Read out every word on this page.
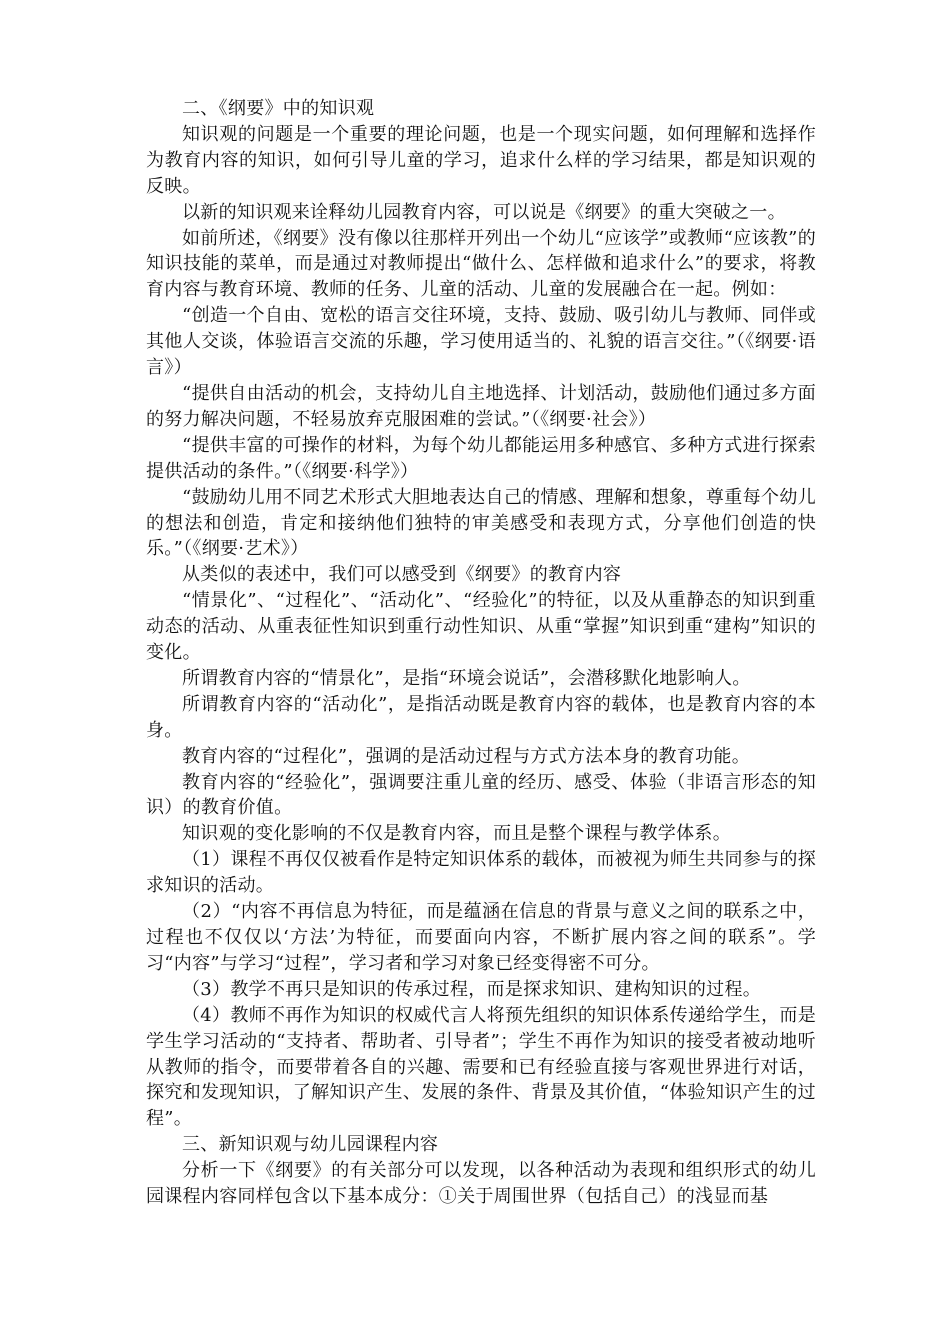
二、《纲要》中的知识观

知识观的问题是一个重要的理论问题，也是一个现实问题，如何理解和选择作为教育内容的知识，如何引导儿童的学习，追求什么样的学习结果，都是知识观的反映。

以新的知识观来诠释幼儿园教育内容，可以说是《纲要》的重大突破之一。

如前所述，《纲要》没有像以往那样开列出一个幼儿“应该学”或教师“应该教”的知识技能的菜单，而是通过对教师提出“做什么、怎样做和追求什么”的要求，将教育内容与教育环境、教师的任务、儿童的活动、儿童的发展融合在一起。例如：

“创造一个自由、宽松的语言交往环境，支持、鼓励、吸引幼儿与教师、同伴或其他人交谈，体验语言交流的乐趣，学习使用适当的、礼貌的语言交往。”（《纲要·语言》）

“提供自由活动的机会，支持幼儿自主地选择、计划活动，鼓励他们通过多方面的努力解决问题，不轻易放弃克服困难的尝试。”（《纲要·社会》）

“提供丰富的可操作的材料，为每个幼儿都能运用多种感官、多种方式进行探索提供活动的条件。”（《纲要·科学》）

“鼓励幼儿用不同艺术形式大胆地表达自己的情感、理解和想象，尊重每个幼儿的想法和创造，肯定和接纳他们独特的审美感受和表现方式，分享他们创造的快乐。”（《纲要·艺术》）

从类似的表述中，我们可以感受到《纲要》的教育内容

“情景化”、“过程化”、“活动化”、“经验化”的特征，以及从重静态的知识到重动态的活动、从重表征性知识到重行动性知识、从重“掌握”知识到重“建构”知识的变化。

所谓教育内容的“情景化”，是指“环境会说话”，会潜移默化地影响人。

所谓教育内容的“活动化”，是指活动既是教育内容的载体，也是教育内容的本身。

教育内容的“过程化”，强调的是活动过程与方式方法本身的教育功能。

教育内容的“经验化”，强调要注重儿童的经历、感受、体验（非语言形态的知识）的教育价值。

知识观的变化影响的不仅是教育内容，而且是整个课程与教学体系。

（1）课程不再仅仅被看作是特定知识体系的载体，而被视为师生共同参与的探求知识的活动。

（2）“内容不再信息为特征，而是蕴涵在信息的背景与意义之间的联系之中，过程也不仅仅以‘方法’为特征，而要面向内容，不断扩展内容之间的联系”。学习“内容”与学习“过程”，学习者和学习对象已经变得密不可分。

（3）教学不再只是知识的传承过程，而是探求知识、建构知识的过程。

（4）教师不再作为知识的权威代言人将预先组织的知识体系传递给学生，而是学生学习活动的“支持者、帮助者、引导者”；学生不再作为知识的接受者被动地听从教师的指令，而要带着各自的兴趣、需要和已有经验直接与客观世界进行对话，探究和发现知识，了解知识产生、发展的条件、背景及其价值，“体验知识产生的过程”。

三、新知识观与幼儿园课程内容

分析一下《纲要》的有关部分可以发现，以各种活动为表现和组织形式的幼儿园课程内容同样包含以下基本成分：①关于周围世界（包括自己）的浅显而基
